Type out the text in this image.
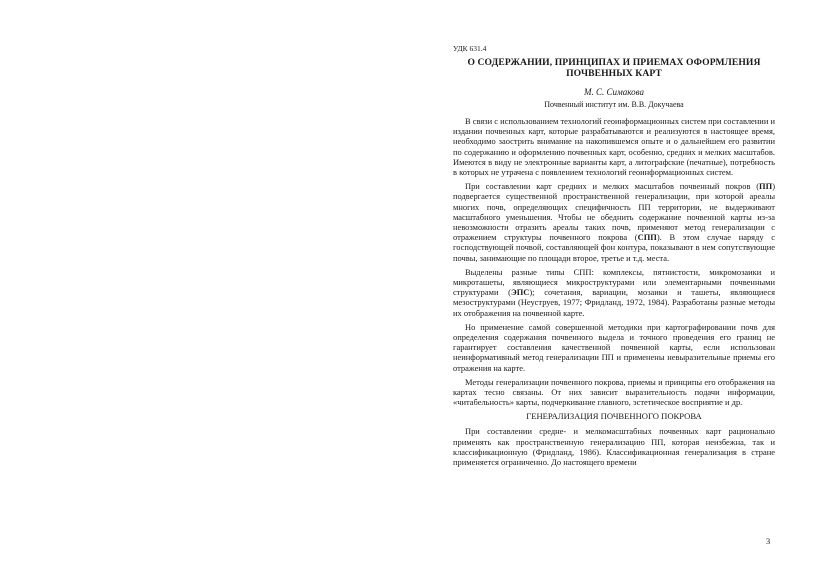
УДК 631.4
О СОДЕРЖАНИИ, ПРИНЦИПАХ И ПРИЕМАХ ОФОРМЛЕНИЯ ПОЧВЕННЫХ КАРТ
М. С. Симакова
Почвенный институт им. В.В. Докучаева

В связи с использованием технологий геоинформационных систем при составлении и издании почвенных карт, которые разрабатываются и реализуются в настоящее время, необходимо заострить внимание на накопившемся опыте и о дальнейшем его развитии по содержанию и оформлению почвенных карт, особенно, средних и мелких масштабов. Имеются в виду не электронные варианты карт, а литографские (печатные), потребность в которых не утрачена с появлением технологий геоинформационных систем.

При составлении карт средних и мелких масштабов почвенный покров (ПП) подвергается существенной пространственной генерализации, при которой ареалы многих почв, определяющих специфичность ПП территории, не выдерживают масштабного уменьшения. Чтобы не обеднить содержание почвенной карты из-за невозможности отразить ареалы таких почв, применяют метод генерализации с отражением структуры почвенного покрова (СПП). В этом случае наряду с господствующей почвой, составляющей фон контура, показывают в нем сопутствующие почвы, занимающие по площади второе, третье и т.д. места.

Выделены разные типы СПП: комплексы, пятнистости, микромозаики и микроташеты, являющиеся микроструктурами или элементарными почвенными структурами (ЭПС); сочетания, вариации, мозаики и ташеты, являющиеся мезоструктурами (Неуструев, 1977; Фридланд, 1972, 1984). Разработаны разные методы их отображения на почвенной карте.

Но применение самой совершенной методики при картографировании почв для определения содержания почвенного выдела и точного проведения его границ не гарантирует составления качественной почвенной карты, если использован неинформативный метод генерализации ПП и применены невыразительные приемы его отражения на карте.

Методы генерализации почвенного покрова, приемы и принципы его отображения на картах тесно связаны. От них зависит выразительность подачи информации, «читабельность» карты, подчеркивание главного, эстетическое восприятие и др.

ГЕНЕРАЛИЗАЦИЯ ПОЧВЕННОГО ПОКРОВА

При составлении средне- и мелкомасштабных почвенных карт рационально применять как пространственную генерализацию ПП, которая неизбежна, так и классификационную (Фридланд, 1986). Классификационная генерализация в стране применяется ограниченно. До настоящего времени

3
